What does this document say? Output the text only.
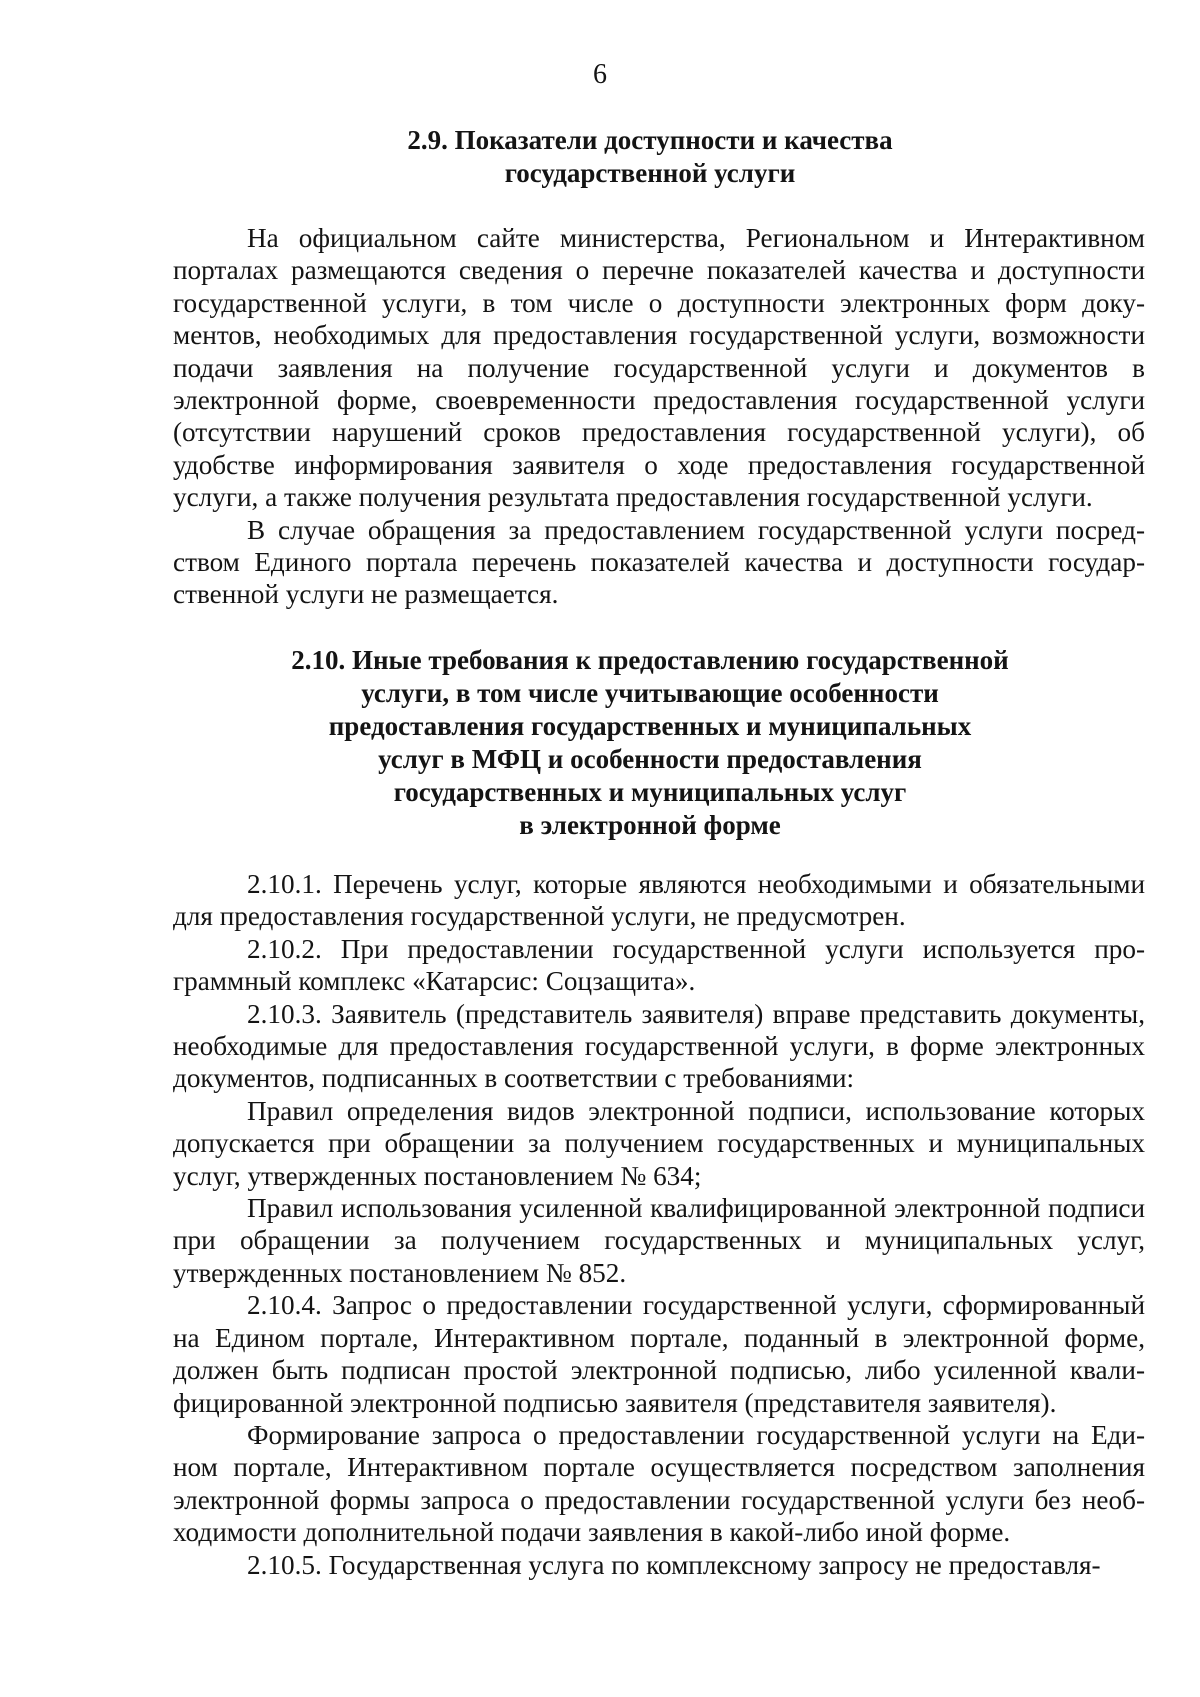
6
2.9. Показатели доступности и качества
государственной услуги

На официальном сайте министерства, Региональном и Интерактивном порталах размещаются сведения о перечне показателей качества и доступности государственной услуги, в том числе о доступности электронных форм документов, необходимых для предоставления государственной услуги, возможности подачи заявления на получение государственной услуги и документов в электронной форме, своевременности предоставления государственной услуги (отсутствии нарушений сроков предоставления государственной услуги), об удобстве информирования заявителя о ходе предоставления государственной услуги, а также получения результата предоставления государственной услуги.

В случае обращения за предоставлением государственной услуги посредством Единого портала перечень показателей качества и доступности государственной услуги не размещается.

2.10. Иные требования к предоставлению государственной
услуги, в том числе учитывающие особенности
предоставления государственных и муниципальных
услуг в МФЦ и особенности предоставления
государственных и муниципальных услуг
в электронной форме

2.10.1. Перечень услуг, которые являются необходимыми и обязательными для предоставления государственной услуги, не предусмотрен.

2.10.2. При предоставлении государственной услуги используется программный комплекс «Катарсис: Соцзащита».

2.10.3. Заявитель (представитель заявителя) вправе представить документы, необходимые для предоставления государственной услуги, в форме электронных документов, подписанных в соответствии с требованиями:

Правил определения видов электронной подписи, использование которых допускается при обращении за получением государственных и муниципальных услуг, утвержденных постановлением № 634;

Правил использования усиленной квалифицированной электронной подписи при обращении за получением государственных и муниципальных услуг, утвержденных постановлением № 852.

2.10.4. Запрос о предоставлении государственной услуги, сформированный на Едином портале, Интерактивном портале, поданный в электронной форме, должен быть подписан простой электронной подписью, либо усиленной квалифицированной электронной подписью заявителя (представителя заявителя).

Формирование запроса о предоставлении государственной услуги на Едином портале, Интерактивном портале осуществляется посредством заполнения электронной формы запроса о предоставлении государственной услуги без необходимости дополнительной подачи заявления в какой-либо иной форме.

2.10.5. Государственная услуга по комплексному запросу не предоставля-
